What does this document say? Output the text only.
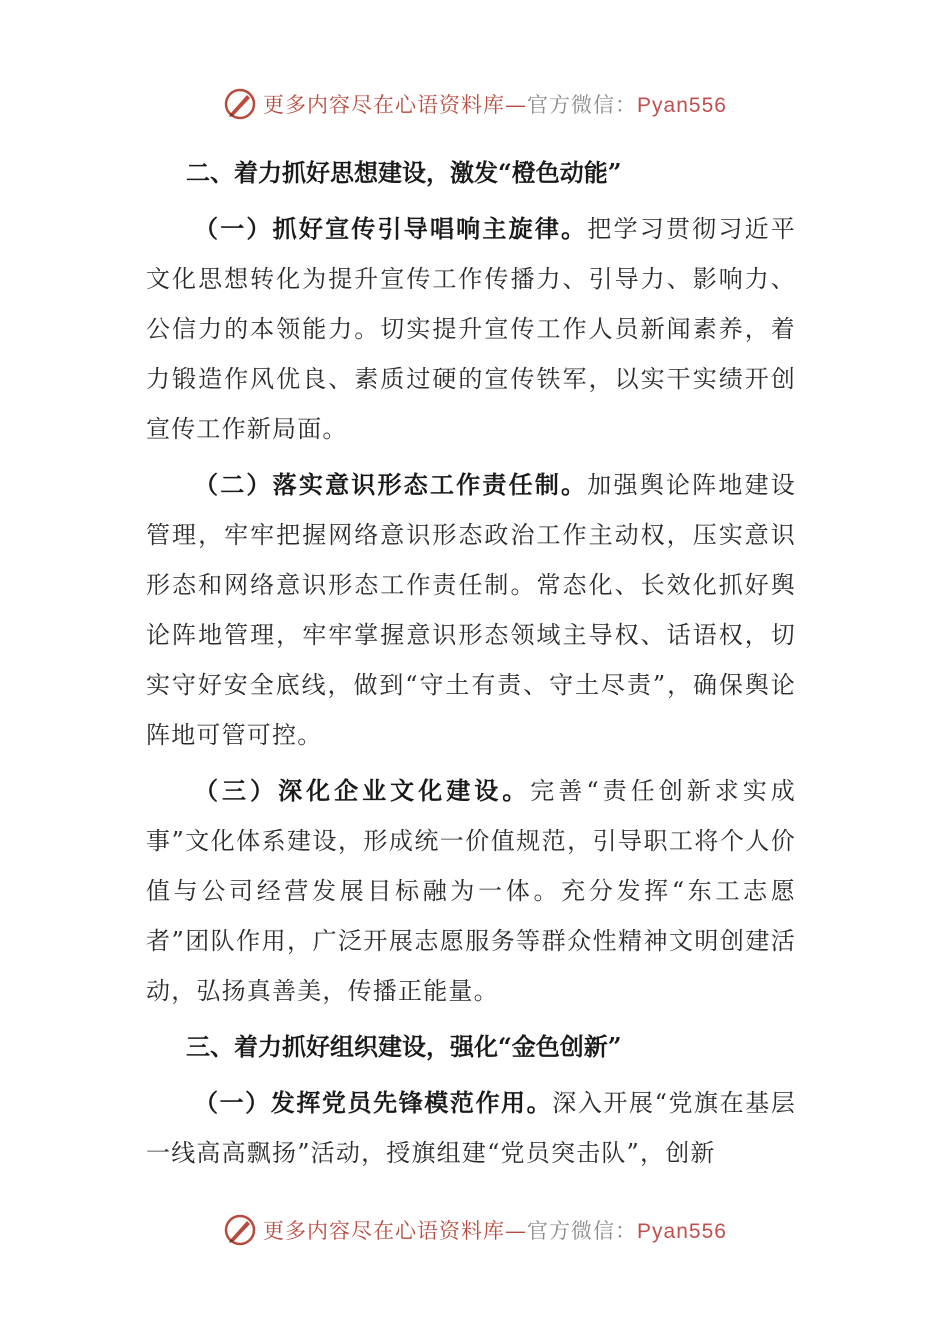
更多内容尽在心语资料库—官方微信：Pyan556

二、着力抓好思想建设，激发“橙色动能”

（一）抓好宣传引导唱响主旋律。把学习贯彻习近平文化思想转化为提升宣传工作传播力、引导力、影响力、公信力的本领能力。切实提升宣传工作人员新闻素养，着力锻造作风优良、素质过硬的宣传铁军，以实干实绩开创宣传工作新局面。

（二）落实意识形态工作责任制。加强舆论阵地建设管理，牢牢把握网络意识形态政治工作主动权，压实意识形态和网络意识形态工作责任制。常态化、长效化抓好舆论阵地管理，牢牢掌握意识形态领域主导权、话语权，切实守好安全底线，做到“守土有责、守土尽责”，确保舆论阵地可管可控。

（三）深化企业文化建设。完善“责任创新求实成事”文化体系建设，形成统一价值规范，引导职工将个人价值与公司经营发展目标融为一体。充分发挥“东工志愿者”团队作用，广泛开展志愿服务等群众性精神文明创建活动，弘扬真善美，传播正能量。

三、着力抓好组织建设，强化“金色创新”

（一）发挥党员先锋模范作用。深入开展“党旗在基层一线高高飘扬”活动，授旗组建“党员突击队”，创新

更多内容尽在心语资料库—官方微信：Pyan556
